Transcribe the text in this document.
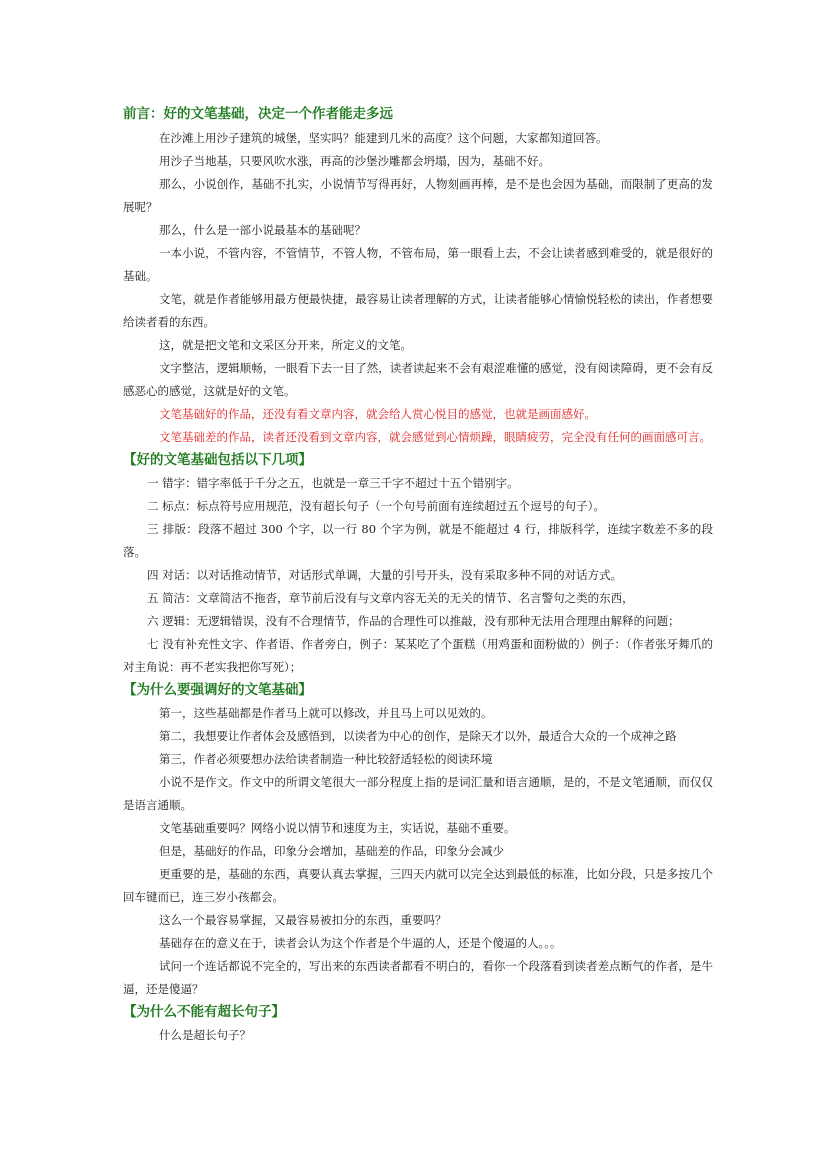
前言：好的文笔基础，决定一个作者能走多远
在沙滩上用沙子建筑的城堡，坚实吗？能建到几米的高度？这个问题，大家都知道回答。
用沙子当地基，只要风吹水涨，再高的沙堡沙雕都会坍塌，因为，基础不好。
那么，小说创作，基础不扎实，小说情节写得再好，人物刻画再棒，是不是也会因为基础，而限制了更高的发展呢？
那么，什么是一部小说最基本的基础呢？
一本小说，不管内容，不管情节，不管人物，不管布局，第一眼看上去，不会让读者感到难受的，就是很好的基础。
文笔，就是作者能够用最方便最快捷，最容易让读者理解的方式，让读者能够心情愉悦轻松的读出，作者想要给读者看的东西。
这，就是把文笔和文采区分开来，所定义的文笔。
文字整洁，逻辑顺畅，一眼看下去一目了然，读者读起来不会有艰涩难懂的感觉，没有阅读障碍，更不会有反感恶心的感觉，这就是好的文笔。
文笔基础好的作品，还没有看文章内容，就会给人赏心悦目的感觉，也就是画面感好。
文笔基础差的作品，读者还没看到文章内容，就会感觉到心情烦躁，眼睛疲劳，完全没有任何的画面感可言。
【好的文笔基础包括以下几项】
一 错字：错字率低于千分之五，也就是一章三千字不超过十五个错别字。
二 标点：标点符号应用规范，没有超长句子（一个句号前面有连续超过五个逗号的句子）。
三 排版：段落不超过 300 个字，以一行 80 个字为例，就是不能超过 4 行，排版科学，连续字数差不多的段落。
四 对话：以对话推动情节，对话形式单调，大量的引号开头，没有采取多种不同的对话方式。
五 简洁：文章简洁不拖沓，章节前后没有与文章内容无关的无关的情节、名言警句之类的东西，
六 逻辑：无逻辑错误，没有不合理情节，作品的合理性可以推敲，没有那种无法用合理理由解释的问题；
七 没有补充性文字、作者语、作者旁白，例子：某某吃了个蛋糕（用鸡蛋和面粉做的）例子：（作者张牙舞爪的对主角说：再不老实我把你写死）；
【为什么要强调好的文笔基础】
第一，这些基础都是作者马上就可以修改，并且马上可以见效的。
第二，我想要让作者体会及感悟到，以读者为中心的创作，是除天才以外，最适合大众的一个成神之路
第三，作者必须要想办法给读者制造一种比较舒适轻松的阅读环境
小说不是作文。作文中的所谓文笔很大一部分程度上指的是词汇量和语言通顺，是的，不是文笔通顺，而仅仅是语言通顺。
文笔基础重要吗？网络小说以情节和速度为主，实话说，基础不重要。
但是，基础好的作品，印象分会增加，基础差的作品，印象分会减少
更重要的是，基础的东西，真要认真去掌握，三四天内就可以完全达到最低的标准，比如分段，只是多按几个回车键而已，连三岁小孩都会。
这么一个最容易掌握，又最容易被扣分的东西，重要吗？
基础存在的意义在于，读者会认为这个作者是个牛逼的人，还是个傻逼的人。。。
试问一个连话都说不完全的，写出来的东西读者都看不明白的，看你一个段落看到读者差点断气的作者，是牛逼，还是傻逼？
【为什么不能有超长句子】
什么是超长句子？
